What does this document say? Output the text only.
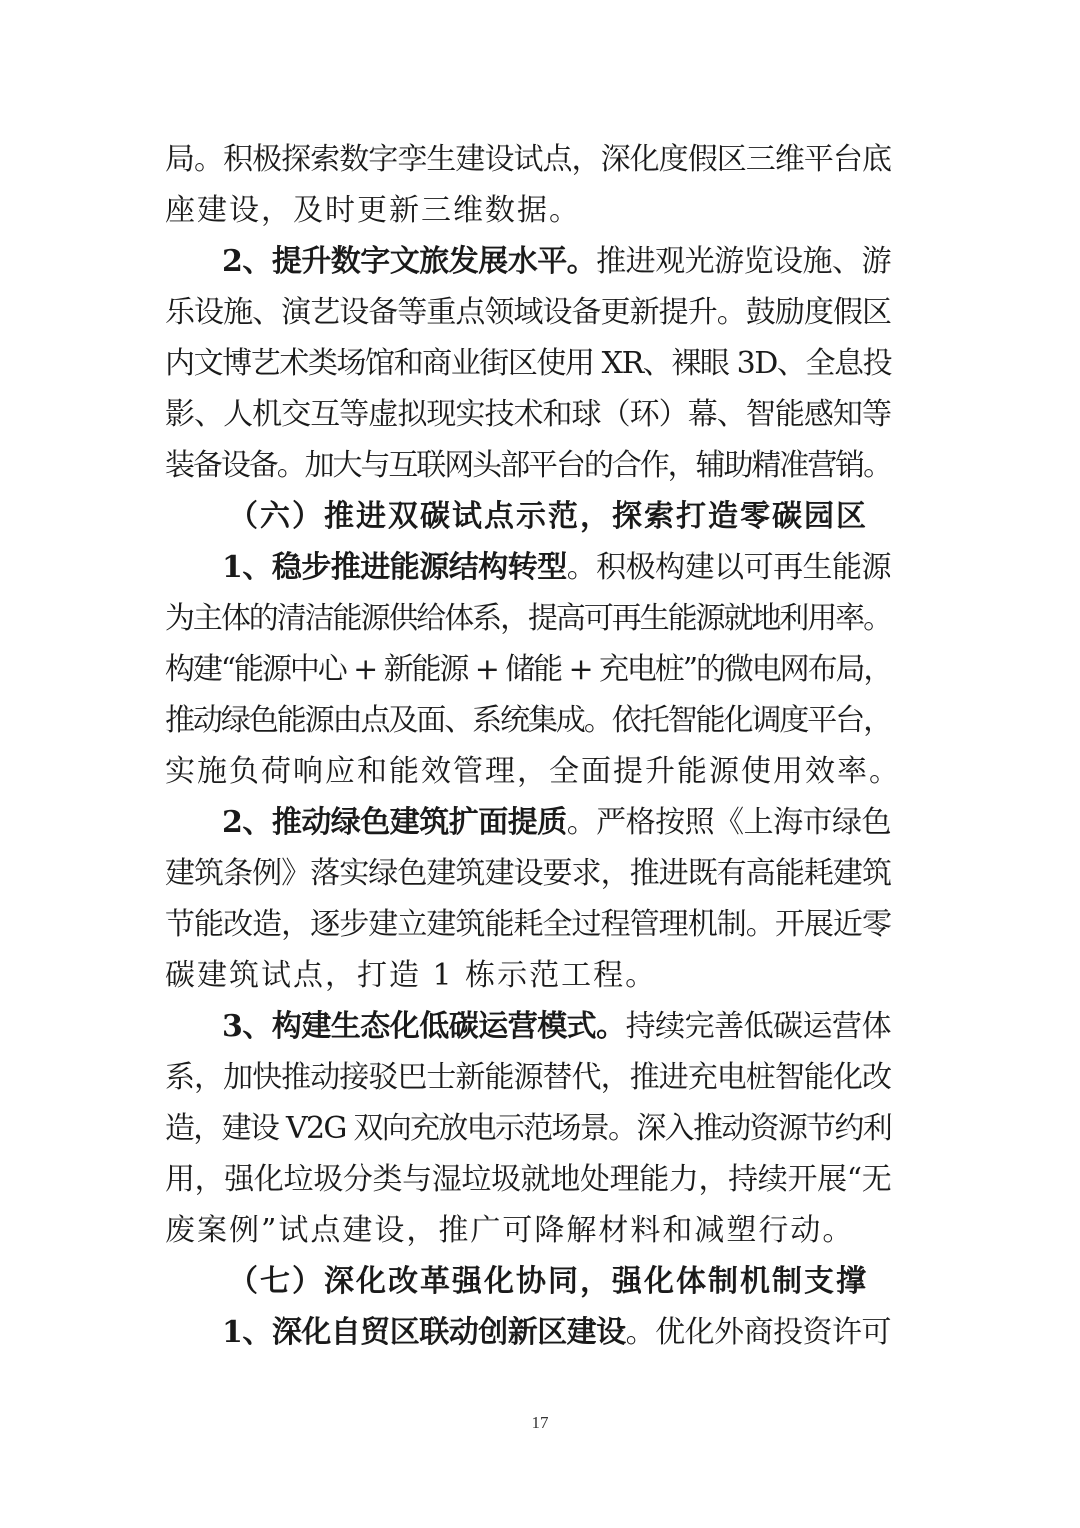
局。积极探索数字孪生建设试点，深化度假区三维平台底
座建设，及时更新三维数据。
2、提升数字文旅发展水平。推进观光游览设施、游
乐设施、演艺设备等重点领域设备更新提升。鼓励度假区
内文博艺术类场馆和商业街区使用 XR、裸眼 3D、全息投
影、人机交互等虚拟现实技术和球（环）幕、智能感知等
装备设备。加大与互联网头部平台的合作，辅助精准营销。
（六）推进双碳试点示范，探索打造零碳园区
1、稳步推进能源结构转型。积极构建以可再生能源
为主体的清洁能源供给体系，提高可再生能源就地利用率。
构建“能源中心 + 新能源 + 储能 + 充电桩”的微电网布局，
推动绿色能源由点及面、系统集成。依托智能化调度平台，
实施负荷响应和能效管理，全面提升能源使用效率。
2、推动绿色建筑扩面提质。严格按照《上海市绿色
建筑条例》落实绿色建筑建设要求，推进既有高能耗建筑
节能改造，逐步建立建筑能耗全过程管理机制。开展近零
碳建筑试点，打造 1 栋示范工程。
3、构建生态化低碳运营模式。持续完善低碳运营体
系，加快推动接驳巴士新能源替代，推进充电桩智能化改
造，建设 V2G 双向充放电示范场景。深入推动资源节约利
用，强化垃圾分类与湿垃圾就地处理能力，持续开展“无
废案例”试点建设，推广可降解材料和减塑行动。
（七）深化改革强化协同，强化体制机制支撑
1、深化自贸区联动创新区建设。优化外商投资许可
17
